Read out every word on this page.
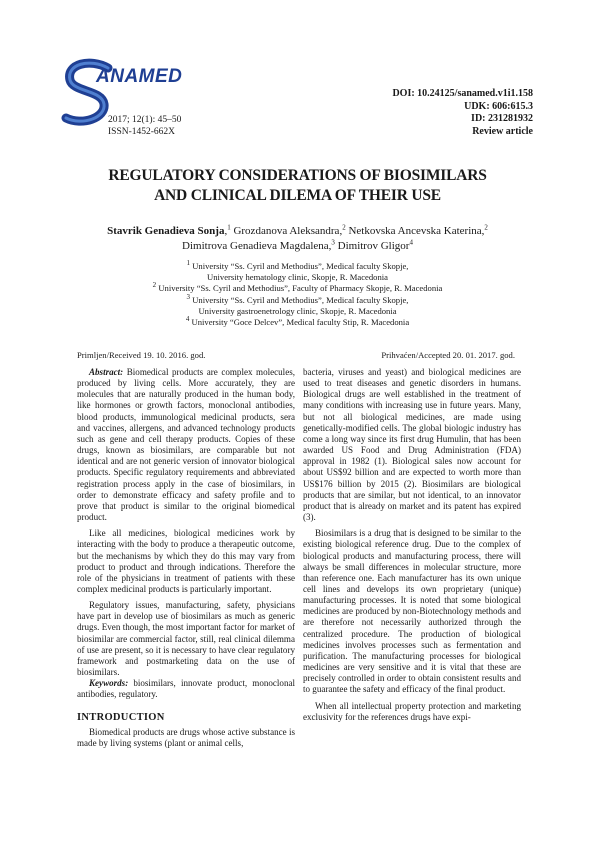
ANAMED
2017; 12(1): 45–50
ISSN-1452-662X
DOI: 10.24125/sanamed.v1i1.158
UDK: 606:615.3
ID: 231281932
Review article
REGULATORY CONSIDERATIONS OF BIOSIMILARS
AND CLINICAL DILEMA OF THEIR USE
Stavrik Genadieva Sonja,$^1$ Grozdanova Aleksandra,$^2$ Netkovska Ancevska Katerina,$^2$
Dimitrova Genadieva Magdalena,$^3$ Dimitrov Gligor$^4$
$^1$ University “Ss. Cyril and Methodius”, Medical faculty Skopje,
University hematology clinic, Skopje, R. Macedonia
$^2$ University “Ss. Cyril and Methodius”, Faculty of Pharmacy Skopje, R. Macedonia
$^3$ University “Ss. Cyril and Methodius”, Medical faculty Skopje,
University gastroenetrology clinic, Skopje, R. Macedonia
$^4$ University “Goce Delcev”, Medical faculty Stip, R. Macedonia
Primljen/Received 19. 10. 2016. god.	Prihvaćen/Accepted 20. 01. 2017. god.

Abstract: Biomedical products are complex molecules, produced by living cells. More accurately, they are molecules that are naturally produced in the human body, like hormones or growth factors, monoclonal antibodies, blood products, immunological medicinal products, sera and vaccines, allergens, and advanced technology products such as gene and cell therapy products. Copies of these drugs, known as biosimilars, are comparable but not identical and are not generic version of innovator biological products. Specific regulatory requirements and abbreviated registration process apply in the case of biosimilars, in order to demonstrate efficacy and safety profile and to prove that product is similar to the original biomedical product.

Like all medicines, biological medicines work by interacting with the body to produce a therapeutic outcome, but the mechanisms by which they do this may vary from product to product and through indications. Therefore the role of the physicians in treatment of patients with these complex medicinal products is particularly important.

Regulatory issues, manufacturing, safety, physicians have part in develop use of biosimilars as much as generic drugs. Even though, the most important factor for market of biosimilar are commercial factor, still, real clinical dilemma of use are present, so it is necessary to have clear regulatory framework and postmarketing data on the use of biosimilars.

Keywords: biosimilars, innovate product, monoclonal antibodies, regulatory.

INTRODUCTION

Biomedical products are drugs whose active substance is made by living systems (plant or animal cells,

bacteria, viruses and yeast) and biological medicines are used to treat diseases and genetic disorders in humans. Biological drugs are well established in the treatment of many conditions with increasing use in future years. Many, but not all biological medicines, are made using genetically-modified cells. The global biologic industry has come a long way since its first drug Humulin, that has been awarded US Food and Drug Administration (FDA) approval in 1982 (1). Biological sales now account for about US$92 billion and are expected to worth more than US$176 billion by 2015 (2). Biosimilars are biological products that are similar, but not identical, to an innovator product that is already on market and its patent has expired (3).

Biosimilars is a drug that is designed to be similar to the existing biological reference drug. Due to the complex of biological products and manufacturing process, there will always be small differences in molecular structure, more than reference one. Each manufacturer has its own unique cell lines and develops its own proprietary (unique) manufacturing processes. It is noted that some biological medicines are produced by non-Biotechnology methods and are therefore not necessarily authorized through the centralized procedure. The production of biological medicines involves processes such as fermentation and purification. The manufacturing processes for biological medicines are very sensitive and it is vital that these are precisely controlled in order to obtain consistent results and to guarantee the safety and efficacy of the final product.

When all intellectual property protection and marketing exclusivity for the references drugs have expi-
